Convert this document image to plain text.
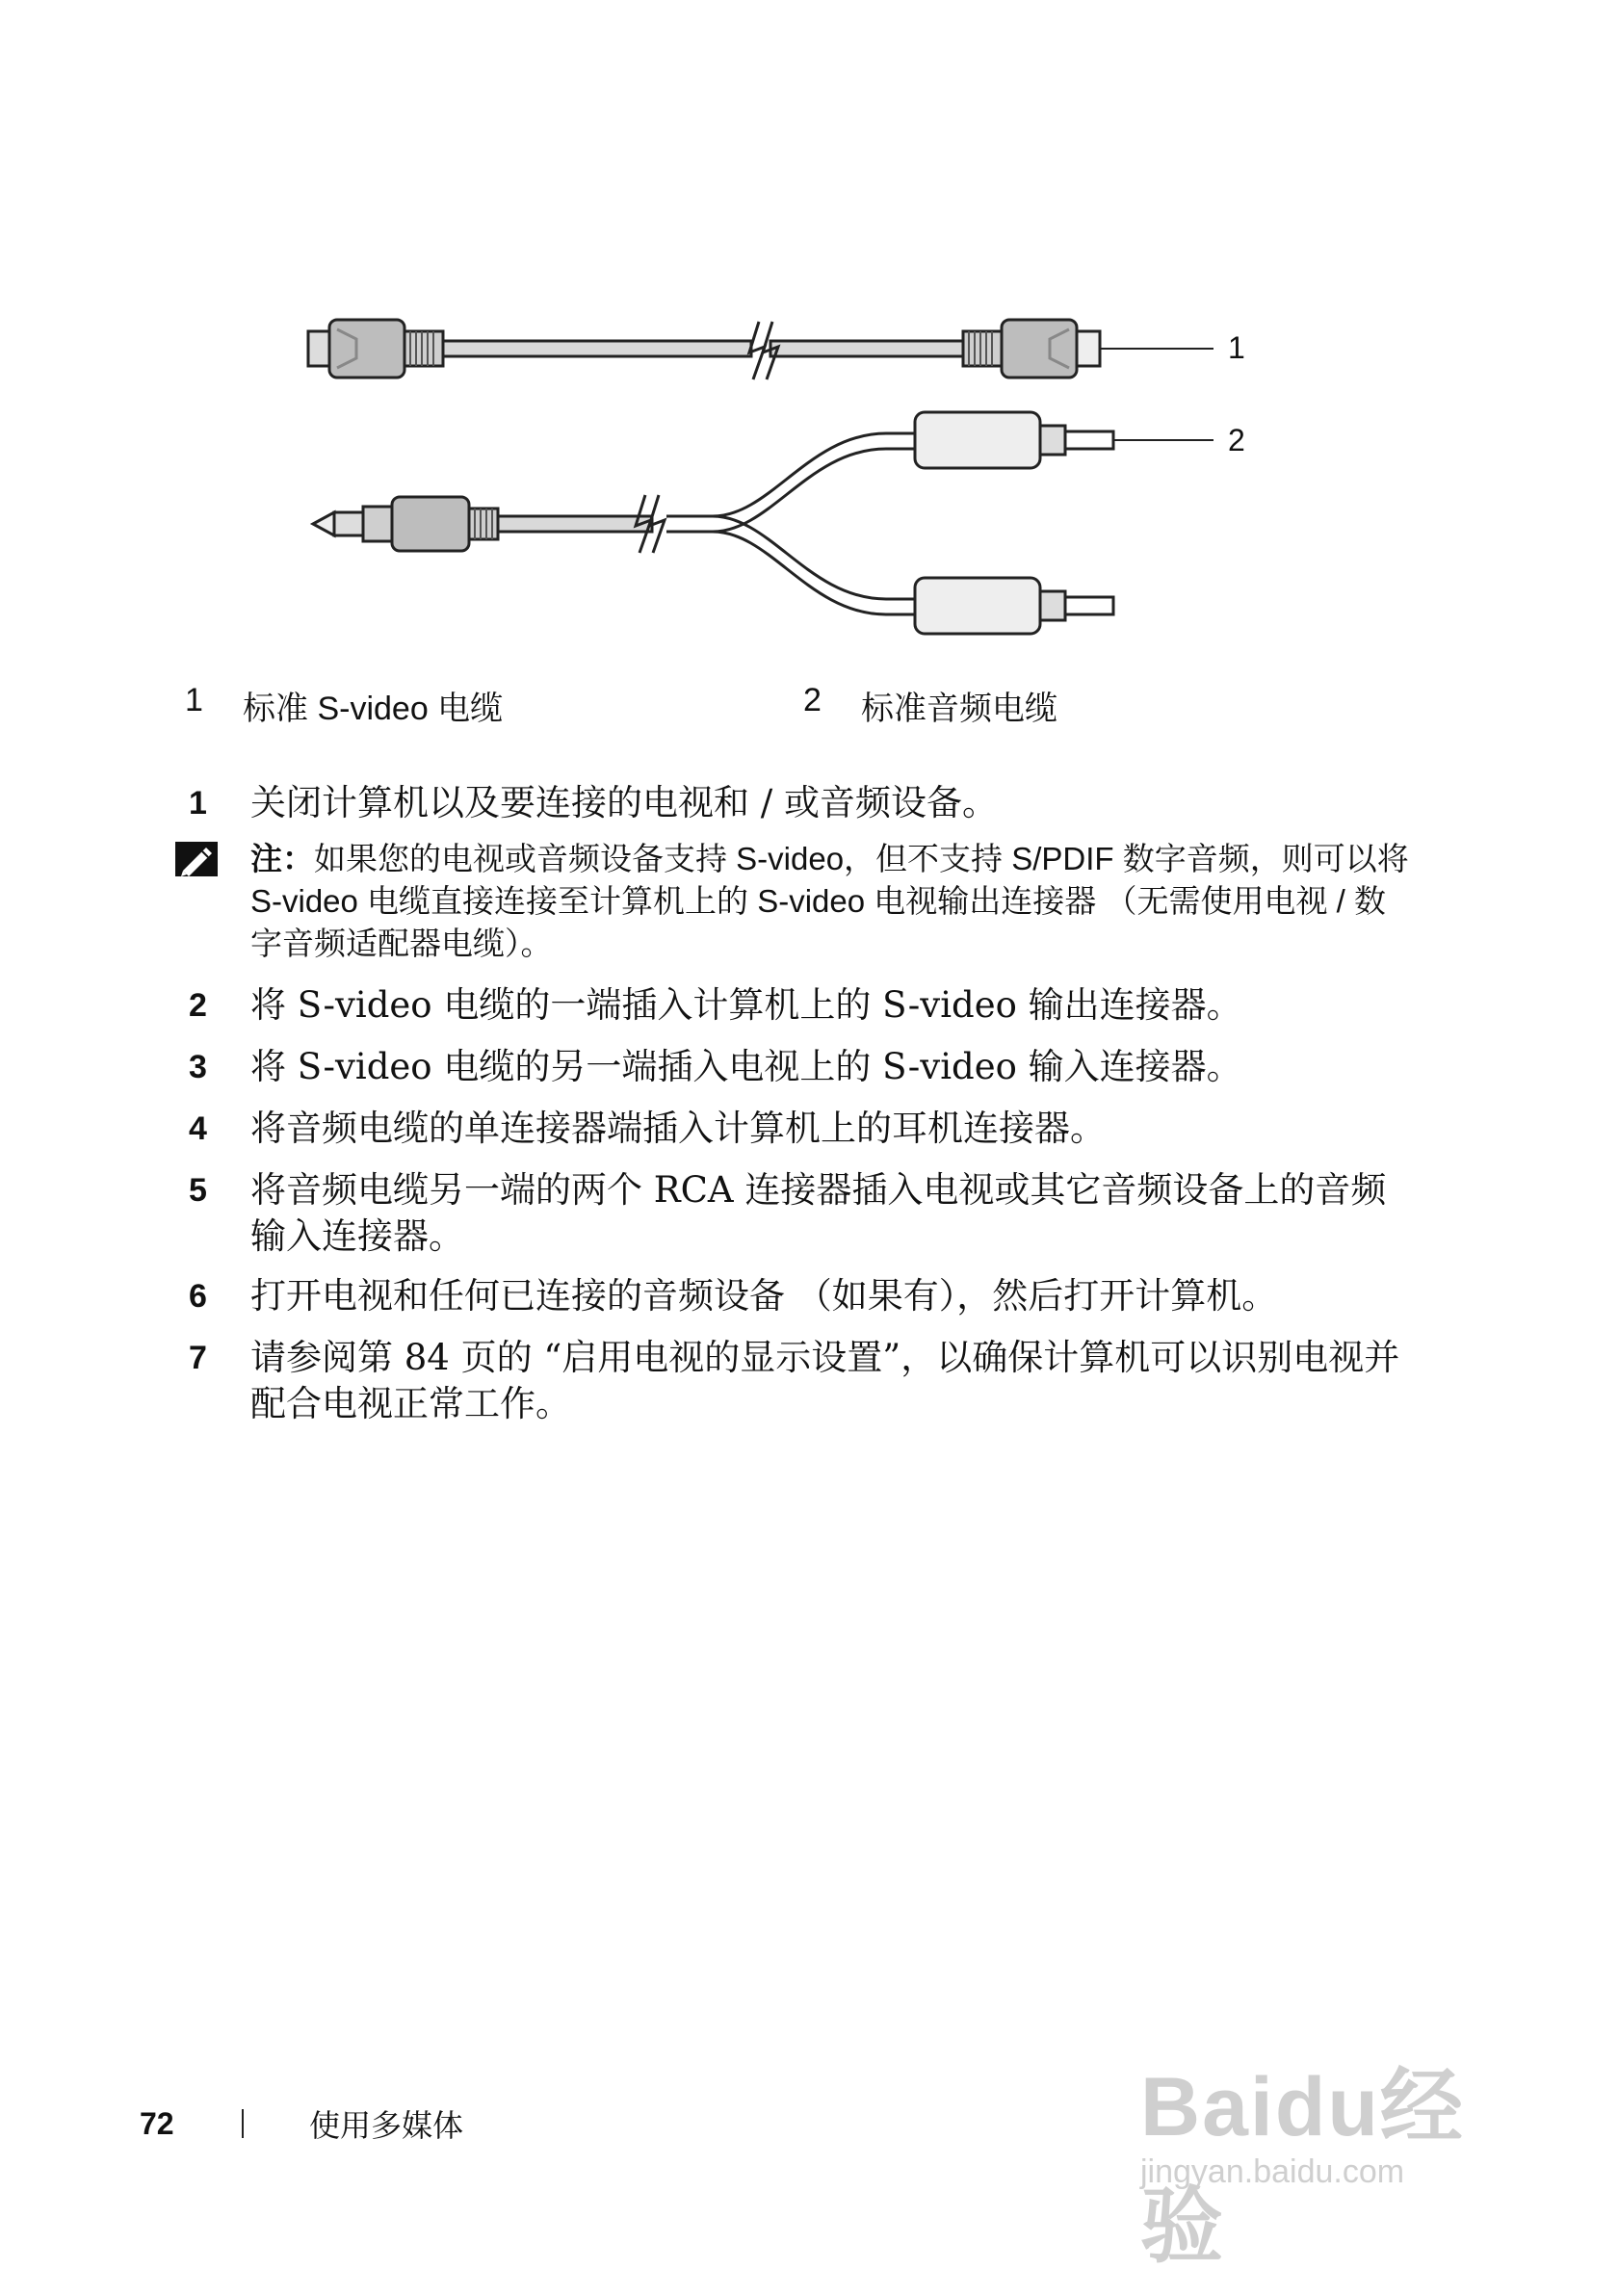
1
2
1	标准 S-video 电缆	2	标准音频电缆
1	关闭计算机以及要连接的电视和 / 或音频设备。
注：如果您的电视或音频设备支持 S-video，但不支持 S/PDIF 数字音频，则可以将 S-video 电缆直接连接至计算机上的 S-video 电视输出连接器 （无需使用电视 / 数字音频适配器电缆）。
2	将 S-video 电缆的一端插入计算机上的 S-video 输出连接器。
3	将 S-video 电缆的另一端插入电视上的 S-video 输入连接器。
4	将音频电缆的单连接器端插入计算机上的耳机连接器。
5	将音频电缆另一端的两个 RCA 连接器插入电视或其它音频设备上的音频输入连接器。
6	打开电视和任何已连接的音频设备 （如果有），然后打开计算机。
7	请参阅第 84 页的 “启用电视的显示设置”，以确保计算机可以识别电视并配合电视正常工作。
72	使用多媒体	Baidu经验
jingyan.baidu.com
